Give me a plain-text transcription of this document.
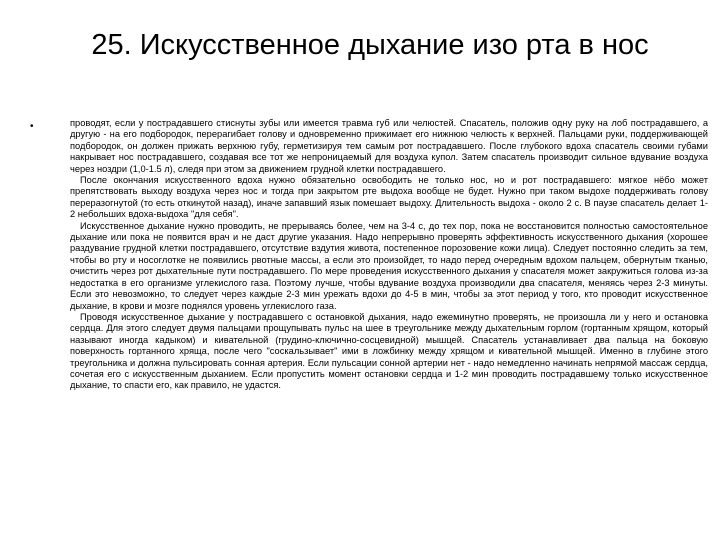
25. Искусственное дыхание изо рта в нос
•	проводят, если у пострадавшего стиснуты зубы или имеется травма губ или челюстей. Спасатель, положив одну руку на лоб пострадавшего, а другую - на его подбородок, перерагибает голову и одновременно прижимает его нижнюю челюсть к верхней. Пальцами руки, поддерживающей подбородок, он должен прижать верхнюю губу, герметизируя тем самым рот пострадавшего. После глубокого вдоха спасатель своими губами накрывает нос пострадавшего, создавая все тот же непроницаемый для воздуха купол. Затем спасатель производит сильное вдувание воздуха через ноздри (1,0-1.5 л), следя при этом за движением грудной клетки пострадавшего.

После окончания искусственного вдоха нужно обязательно освободить не только нос, но и рот пострадавшего: мягкое нёбо может препятствовать выходу воздуха через нос и тогда при закрытом рте выдоха вообще не будет. Нужно при таком выдохе поддерживать голову переразогнутой (то есть откинутой назад), иначе запавший язык помешает выдоху. Длительность выдоха - около 2 с. В паузе спасатель делает 1-2 небольших вдоха-выдоха "для себя".

Искусственное дыхание нужно проводить, не прерываясь более, чем на 3-4 с, до тех пор, пока не восстановится полностью самостоятельное дыхание или пока не появится врач и не даст другие указания. Надо непрерывно проверять эффективность искусственного дыхания (хорошее раздувание грудной клетки пострадавшего, отсутствие вздутия живота, постепенное порозовение кожи лица). Следует постоянно следить за тем, чтобы во рту и носоглотке не появились рвотные массы, а если это произойдет, то надо перед очередным вдохом пальцем, обернутым тканью, очистить через рот дыхательные пути пострадавшего. По мере проведения искусственного дыхания у спасателя может закружиться голова из-за недостатка в его организме углекислого газа. Поэтому лучше, чтобы вдувание воздуха производили два спасателя, меняясь через 2-3 минуты. Если это невозможно, то следует через каждые 2-3 мин урежать вдохи до 4-5 в мин, чтобы за этот период у того, кто проводит искусственное дыхание, в крови и мозге поднялся уровень углекислого газа.

Проводя искусственное дыхание у пострадавшего с остановкой дыхания, надо ежеминутно проверять, не произошла ли у него и остановка сердца. Для этого следует двумя пальцами прощупывать пульс на шее в треугольнике между дыхательным горлом (гортанным хрящом, который называют иногда кадыком) и кивательной (грудино-ключично-сосцевидной) мышцей. Спасатель устанавливает два пальца на боковую поверхность гортанного хряща, после чего "соскальзывает" ими в ложбинку между хрящом и кивательной мышцей. Именно в глубине этого треугольника и должна пульсировать сонная артерия. Если пульсации сонной артерии нет - надо немедленно начинать непрямой массаж сердца, сочетая его с искусственным дыханием. Если пропустить момент остановки сердца и 1-2 мин проводить пострадавшему только искусственное дыхание, то спасти его, как правило, не удастся.
